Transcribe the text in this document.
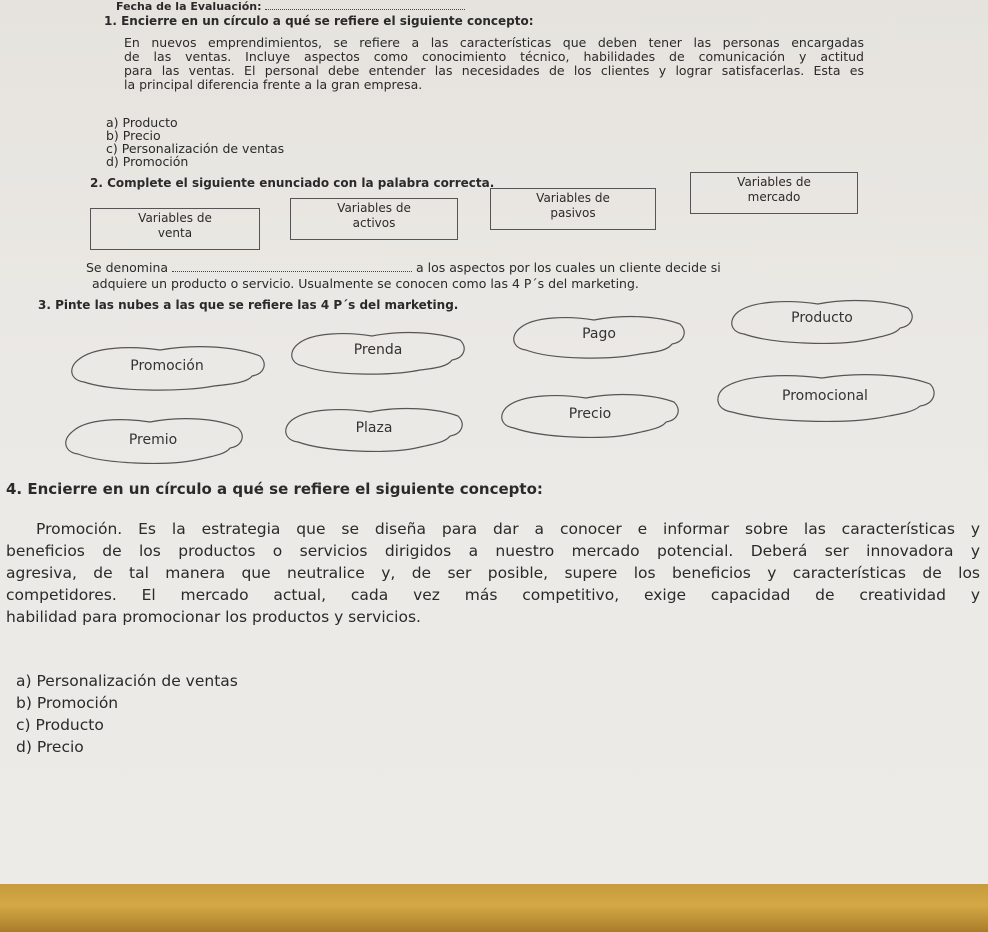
Fecha de la Evaluación:
1. Encierre en un círculo a qué se refiere el siguiente concepto:
En nuevos emprendimientos, se refiere a las características que deben tener las personas encargadas
de las ventas. Incluye aspectos como conocimiento técnico, habilidades de comunicación y actitud
para las ventas. El personal debe entender las necesidades de los clientes y lograr satisfacerlas. Esta es
la principal diferencia frente a la gran empresa.
a) Producto
b) Precio
c) Personalización de ventas
d) Promoción
2. Complete el siguiente enunciado con la palabra correcta.
Variables de
venta
Variables de
activos
Variables de
pasivos
Variables de
mercado
Se denomina	a los aspectos por los cuales un cliente decide si
adquiere un producto o servicio. Usualmente se conocen como las 4 P´s del marketing.
3. Pinte las nubes a las que se refiere las 4 P´s del marketing.
Promoción
Prenda
Pago
Producto
Premio
Plaza
Precio
Promocional
4. Encierre en un círculo a qué se refiere el siguiente concepto:
Promoción. Es la estrategia que se diseña para dar a conocer e informar sobre las características y
beneficios de los productos o servicios dirigidos a nuestro mercado potencial. Deberá ser innovadora y
agresiva, de tal manera que neutralice y, de ser posible, supere los beneficios y características de los
competidores. El mercado actual, cada vez más competitivo, exige capacidad de creatividad y
habilidad para promocionar los productos y servicios.
a) Personalización de ventas
b) Promoción
c) Producto
d) Precio
